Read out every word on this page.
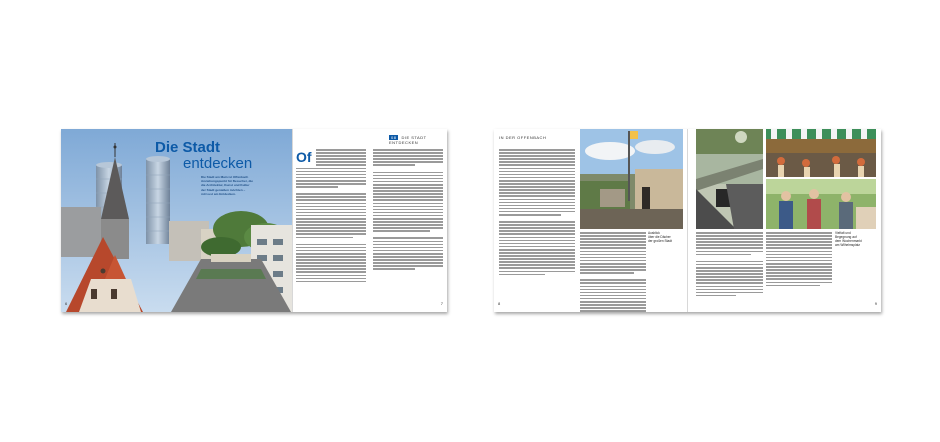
Die Stadt
entdecken
Die Stadt am Main ist Offenbach
Anziehungspunkt für Besucher, die
die Architektur, Kunst und Kultur
der Stadt genießen möchten –
mit Lust am Entdecken.
6
08 DIE STADT ENTDECKEN
Of
7
IN DER OFFENBACH
Ausblick
über die Dächer
der großen Stadt
8
Vielfalt und
Begegnung auf
dem Wochenmarkt
am Wilhelmsplatz
9
